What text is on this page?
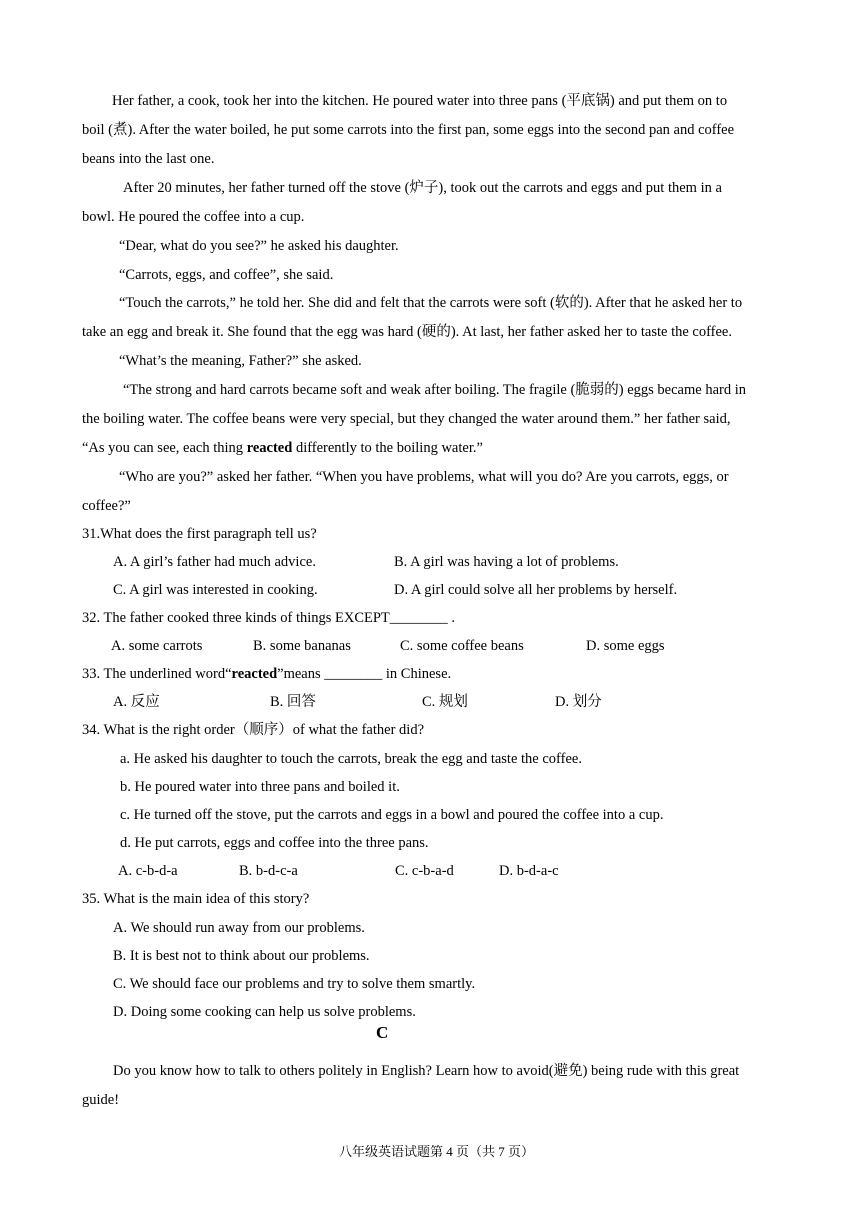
Her father, a cook, took her into the kitchen. He poured water into three pans (平底锅) and put them on to
boil (煮). After the water boiled, he put some carrots into the first pan, some eggs into the second pan and coffee
beans into the last one.
After 20 minutes, her father turned off the stove (炉子), took out the carrots and eggs and put them in a
bowl. He poured the coffee into a cup.
“Dear, what do you see?” he asked his daughter.
“Carrots, eggs, and coffee”, she said.
“Touch the carrots,” he told her. She did and felt that the carrots were soft (软的). After that he asked her to
take an egg and break it. She found that the egg was hard (硬的). At last, her father asked her to taste the coffee.
“What’s the meaning, Father?” she asked.
“The strong and hard carrots became soft and weak after boiling. The fragile (脆弱的) eggs became hard in
the boiling water. The coffee beans were very special, but they changed the water around them.” her father said,
“As you can see, each thing reacted differently to the boiling water.”
“Who are you?” asked her father. “When you have problems, what will you do? Are you carrots, eggs, or
coffee?”
31.What does the first paragraph tell us?
A. A girl’s father had much advice.	B. A girl was having a lot of problems.
C. A girl was interested in cooking.	D. A girl could solve all her problems by herself.
32. The father cooked three kinds of things EXCEPT________ .
A. some carrots	B. some bananas	C. some coffee beans	D. some eggs
33. The underlined word“reacted”means ________ in Chinese.
A. 反应	B. 回答	C. 规划	D. 划分
34. What is the right order（顺序）of what the father did?
a. He asked his daughter to touch the carrots, break the egg and taste the coffee.
b. He poured water into three pans and boiled it.
c. He turned off the stove, put the carrots and eggs in a bowl and poured the coffee into a cup.
d. He put carrots, eggs and coffee into the three pans.
A. c-b-d-a	B. b-d-c-a	C. c-b-a-d	D. b-d-a-c
35. What is the main idea of this story?
A. We should run away from our problems.
B. It is best not to think about our problems.
C. We should face our problems and try to solve them smartly.
D. Doing some cooking can help us solve problems.
C
Do you know how to talk to others politely in English? Learn how to avoid(避免) being rude with this great
guide!
八年级英语试题第 4 页（共 7 页）
